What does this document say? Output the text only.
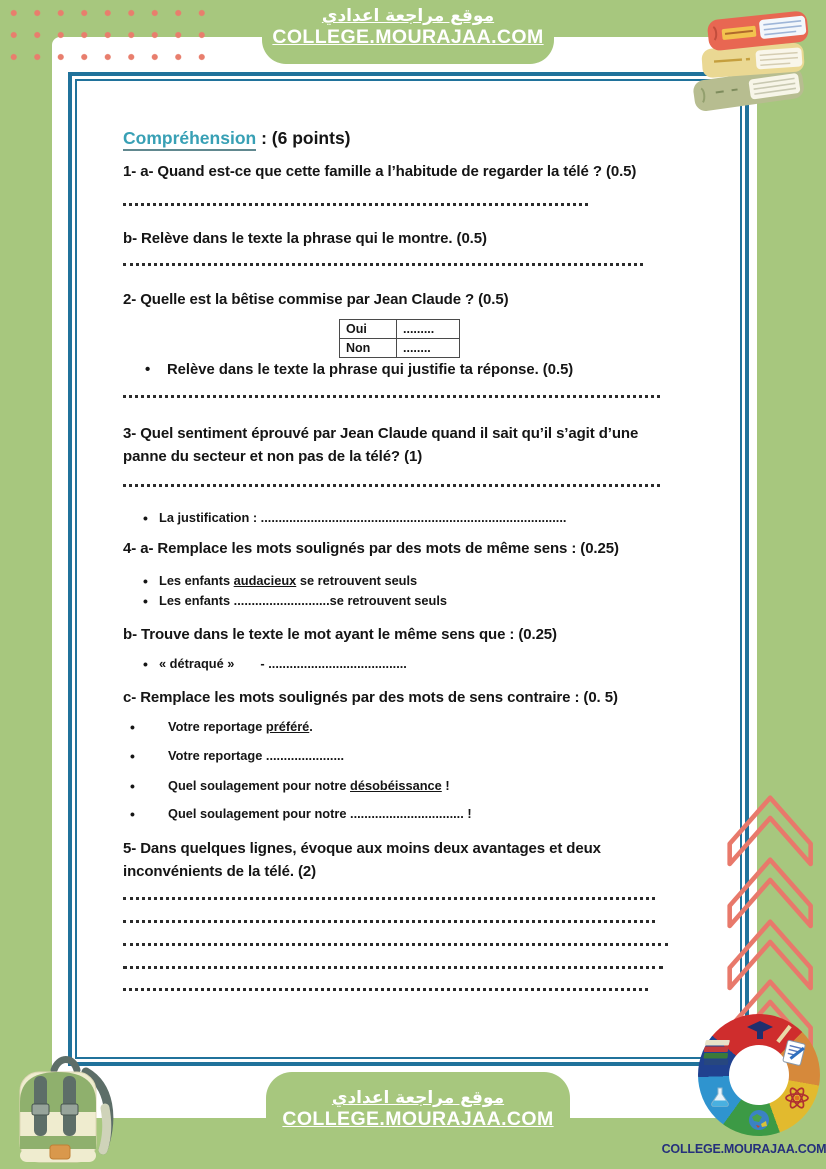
موقع مراجعة اعدادي
COLLEGE.MOURAJAA.COM

Compréhension : (6 points)

1- a- Quand est-ce que cette famille a l’habitude de regarder la télé ? (0.5)

b- Relève dans le texte la phrase qui le montre. (0.5)

2- Quelle est la bêtise commise par Jean Claude ? (0.5)

Oui	.........
Non	........

• Relève dans le texte la phrase qui justifie ta réponse. (0.5)

3- Quel sentiment éprouvé par Jean Claude quand il sait qu’il s’agit d’une panne du secteur et non pas de la télé? (1)

• La justification : ......................................................................................

4- a- Remplace les mots soulignés par des mots de même sens : (0.25)

• Les enfants audacieux se retrouvent seuls

• Les enfants ...........................se retrouvent seuls

b- Trouve dans le texte le mot ayant le même sens que : (0.25)

• « détraqué » - .......................................

c- Remplace les mots soulignés par des mots de sens contraire : (0. 5)

• Votre reportage préféré.

• Votre reportage ......................

• Quel soulagement pour notre désobéissance !

• Quel soulagement pour notre ................................ !

5- Dans quelques lignes, évoque aux moins deux avantages et deux inconvénients de la télé. (2)

موقع مراجعة اعدادي
COLLEGE.MOURAJAA.COM
COLLEGE.MOURAJAA.COM
